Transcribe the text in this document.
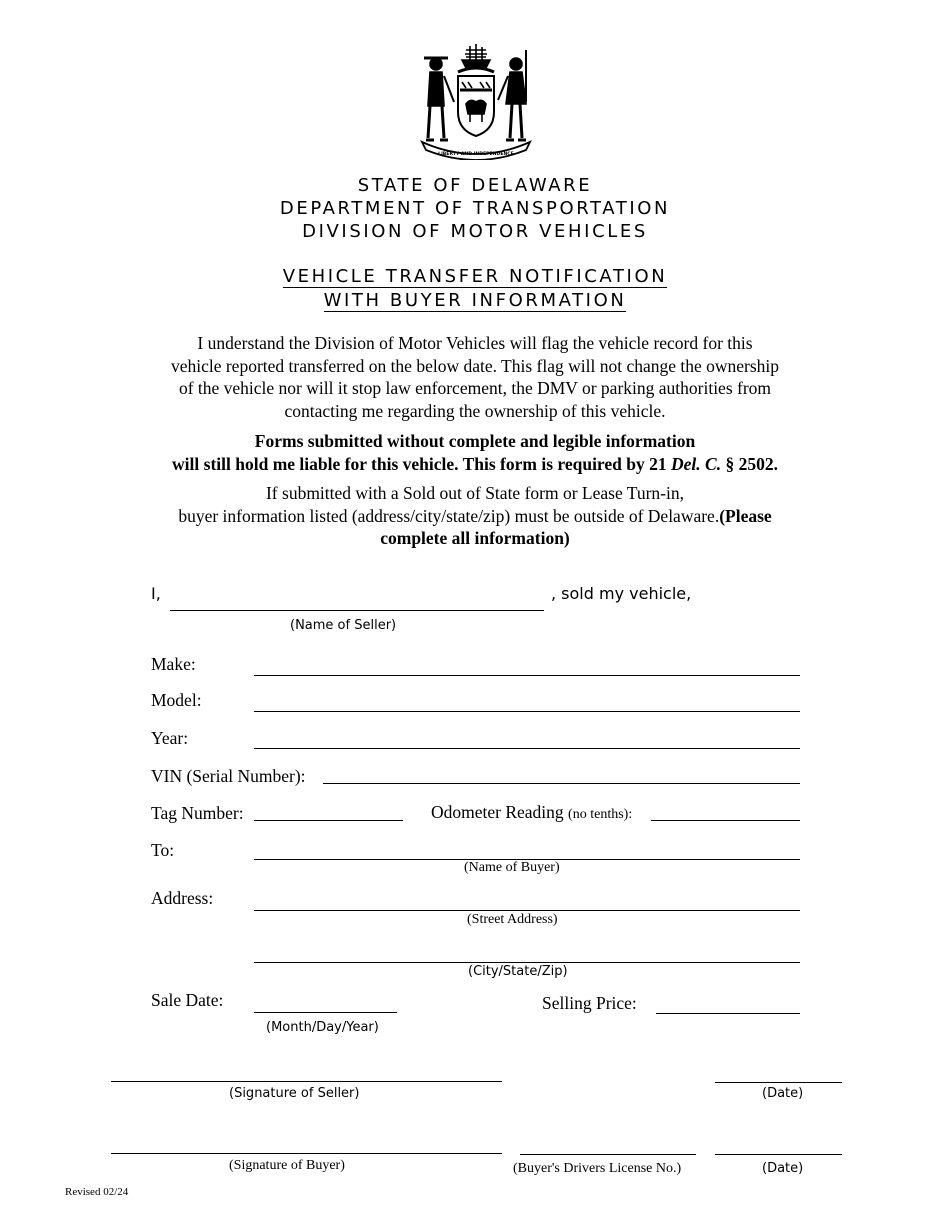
LIBERTY AND INDEPENDENCE
STATE OF DELAWARE
DEPARTMENT OF TRANSPORTATION
DIVISION OF MOTOR VEHICLES
VEHICLE TRANSFER NOTIFICATION
WITH BUYER INFORMATION
I understand the Division of Motor Vehicles will flag the vehicle record for this
vehicle reported transferred on the below date. This flag will not change the ownership
of the vehicle nor will it stop law enforcement, the DMV or parking authorities from
contacting me regarding the ownership of this vehicle.
Forms submitted without complete and legible information
will still hold me liable for this vehicle. This form is required by 21 Del. C. § 2502.
If submitted with a Sold out of State form or Lease Turn-in,
buyer information listed (address/city/state/zip) must be outside of Delaware.(Please
complete all information)
I,	, sold my vehicle,
(Name of Seller)
Make:
Model:
Year:
VIN (Serial Number):
Tag Number:	Odometer Reading (no tenths):
To:
(Name of Buyer)
Address:
(Street Address)
(City/State/Zip)
Sale Date:
(Month/Day/Year)
Selling Price:
(Signature of Seller)	(Date)
(Signature of Buyer)	(Buyer's Drivers License No.)	(Date)
Revised 02/24
